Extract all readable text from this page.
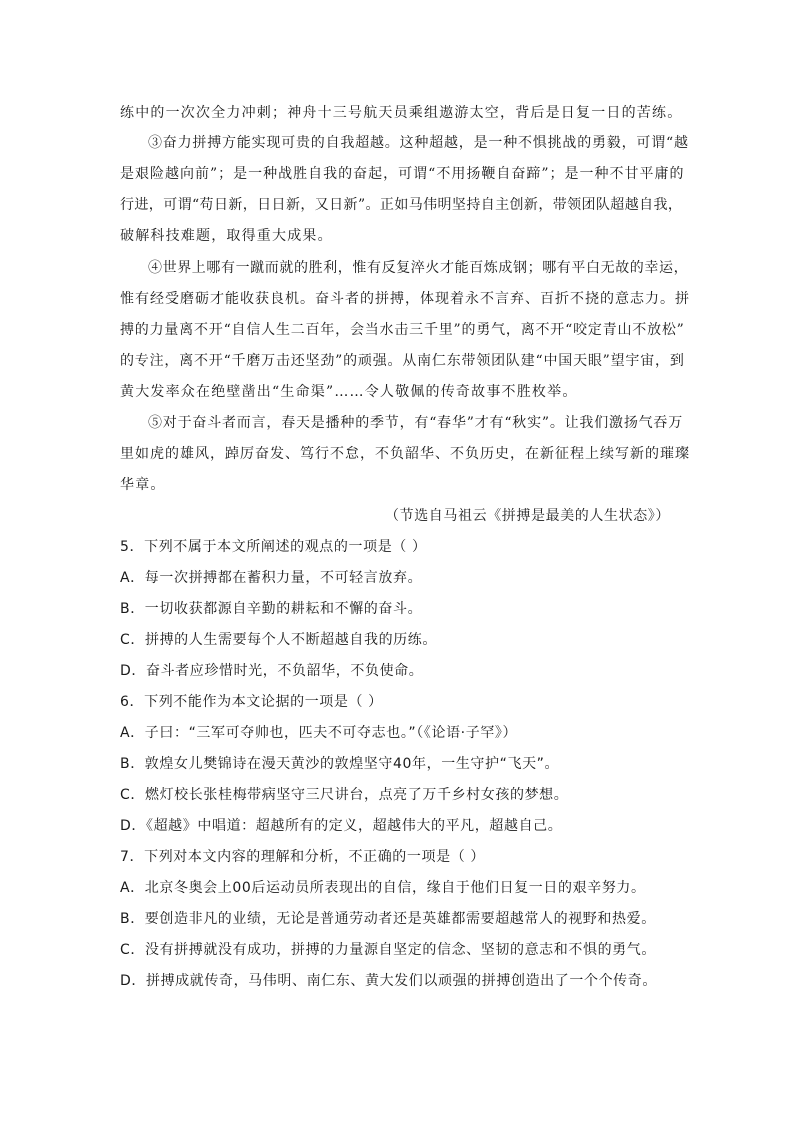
练中的一次次全力冲刺；神舟十三号航天员乘组遨游太空，背后是日复一日的苦练。
③奋力拼搏方能实现可贵的自我超越。这种超越，是一种不惧挑战的勇毅，可谓“越
是艰险越向前”；是一种战胜自我的奋起，可谓“不用扬鞭自奋蹄”；是一种不甘平庸的
行进，可谓“苟日新，日日新，又日新”。正如马伟明坚持自主创新，带领团队超越自我，
破解科技难题，取得重大成果。
④世界上哪有一蹴而就的胜利，惟有反复淬火才能百炼成钢；哪有平白无故的幸运，
惟有经受磨砺才能收获良机。奋斗者的拼搏，体现着永不言弃、百折不挠的意志力。拼
搏的力量离不开“自信人生二百年，会当水击三千里”的勇气，离不开“咬定青山不放松”
的专注，离不开“千磨万击还坚劲”的顽强。从南仁东带领团队建“中国天眼”望宇宙，到
黄大发率众在绝壁凿出“生命渠”……令人敬佩的传奇故事不胜枚举。
⑤对于奋斗者而言，春天是播种的季节，有“春华”才有“秋实”。让我们激扬气吞万
里如虎的雄风，踔厉奋发、笃行不怠，不负韶华、不负历史，在新征程上续写新的璀璨
华章。
（节选自马祖云《拼搏是最美的人生状态》）
5．下列不属于本文所阐述的观点的一项是（ ）
A．每一次拼搏都在蓄积力量，不可轻言放弃。
B．一切收获都源自辛勤的耕耘和不懈的奋斗。
C．拼搏的人生需要每个人不断超越自我的历练。
D．奋斗者应珍惜时光，不负韶华，不负使命。
6．下列不能作为本文论据的一项是（ ）
A．子曰：“三军可夺帅也，匹夫不可夺志也。”（《论语·子罕》）
B．敦煌女儿樊锦诗在漫天黄沙的敦煌坚守40年，一生守护“飞天”。
C．燃灯校长张桂梅带病坚守三尺讲台，点亮了万千乡村女孩的梦想。
D．《超越》中唱道：超越所有的定义，超越伟大的平凡，超越自己。
7．下列对本文内容的理解和分析，不正确的一项是（ ）
A．北京冬奥会上00后运动员所表现出的自信，缘自于他们日复一日的艰辛努力。
B．要创造非凡的业绩，无论是普通劳动者还是英雄都需要超越常人的视野和热爱。
C．没有拼搏就没有成功，拼搏的力量源自坚定的信念、坚韧的意志和不惧的勇气。
D．拼搏成就传奇，马伟明、南仁东、黄大发们以顽强的拼搏创造出了一个个传奇。
